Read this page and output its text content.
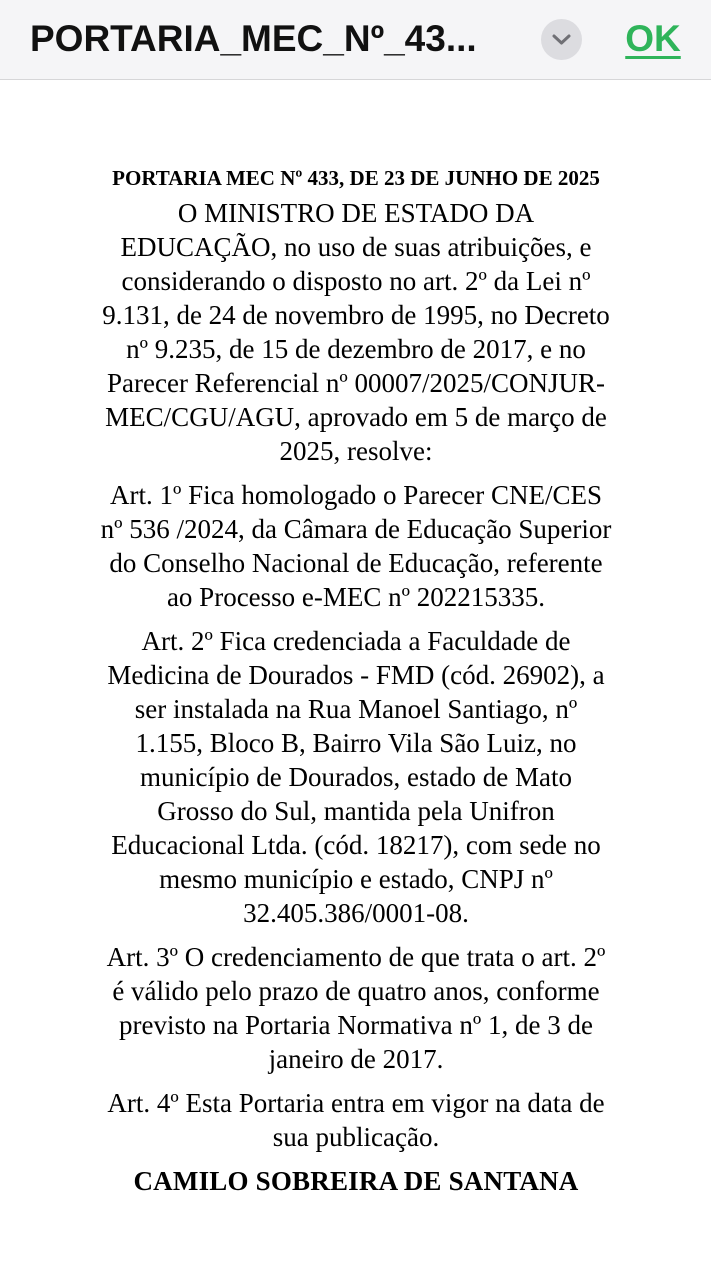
PORTARIA_MEC_Nº_43...	OK

PORTARIA MEC Nº 433, DE 23 DE JUNHO DE 2025

O MINISTRO DE ESTADO DA EDUCAÇÃO, no uso de suas atribuições, e considerando o disposto no art. 2º da Lei nº 9.131, de 24 de novembro de 1995, no Decreto nº 9.235, de 15 de dezembro de 2017, e no Parecer Referencial nº 00007/2025/CONJUR-MEC/CGU/AGU, aprovado em 5 de março de 2025, resolve:

Art. 1º Fica homologado o Parecer CNE/CES nº 536 /2024, da Câmara de Educação Superior do Conselho Nacional de Educação, referente ao Processo e-MEC nº 202215335.

Art. 2º Fica credenciada a Faculdade de Medicina de Dourados - FMD (cód. 26902), a ser instalada na Rua Manoel Santiago, nº 1.155, Bloco B, Bairro Vila São Luiz, no município de Dourados, estado de Mato Grosso do Sul, mantida pela Unifron Educacional Ltda. (cód. 18217), com sede no mesmo município e estado, CNPJ nº 32.405.386/0001-08.

Art. 3º O credenciamento de que trata o art. 2º é válido pelo prazo de quatro anos, conforme previsto na Portaria Normativa nº 1, de 3 de janeiro de 2017.

Art. 4º Esta Portaria entra em vigor na data de sua publicação.

CAMILO SOBREIRA DE SANTANA
